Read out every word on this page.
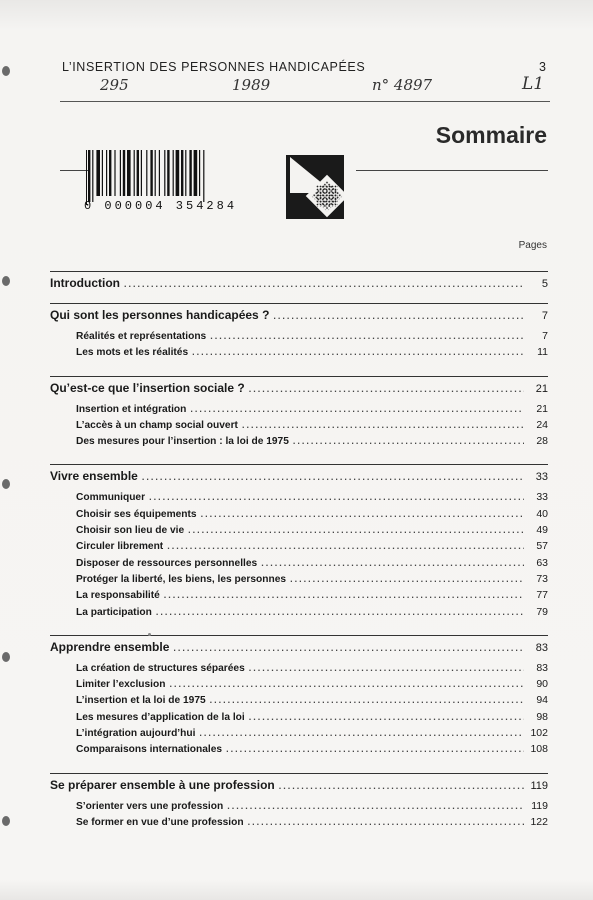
L’INSERTION DES PERSONNES HANDICAPÉES	3
295	1989	n° 4897	L1
Sommaire
0 000004 354284
Pages
Introduction .....	5
Qui sont les personnes handicapées ? .....	7
Réalités et représentations .....	7
Les mots et les réalités .....	11
Qu’est-ce que l’insertion sociale ? .....	21
Insertion et intégration .....	21
L’accès à un champ social ouvert .....	24
Des mesures pour l’insertion : la loi de 1975 .....	28
Vivre ensemble .....	33
Communiquer .....	33
Choisir ses équipements .....	40
Choisir son lieu de vie .....	49
Circuler librement .....	57
Disposer de ressources personnelles .....	63
Protéger la liberté, les biens, les personnes .....	73
La responsabilité .....	77
La participation .....	79
Apprendre ensemble .....	83
La création de structures séparées .....	83
Limiter l’exclusion .....	90
L’insertion et la loi de 1975 .....	94
Les mesures d’application de la loi .....	98
L’intégration aujourd’hui .....	102
Comparaisons internationales .....	108
Se préparer ensemble à une profession .....	119
S’orienter vers une profession .....	119
Se former en vue d’une profession .....	122
